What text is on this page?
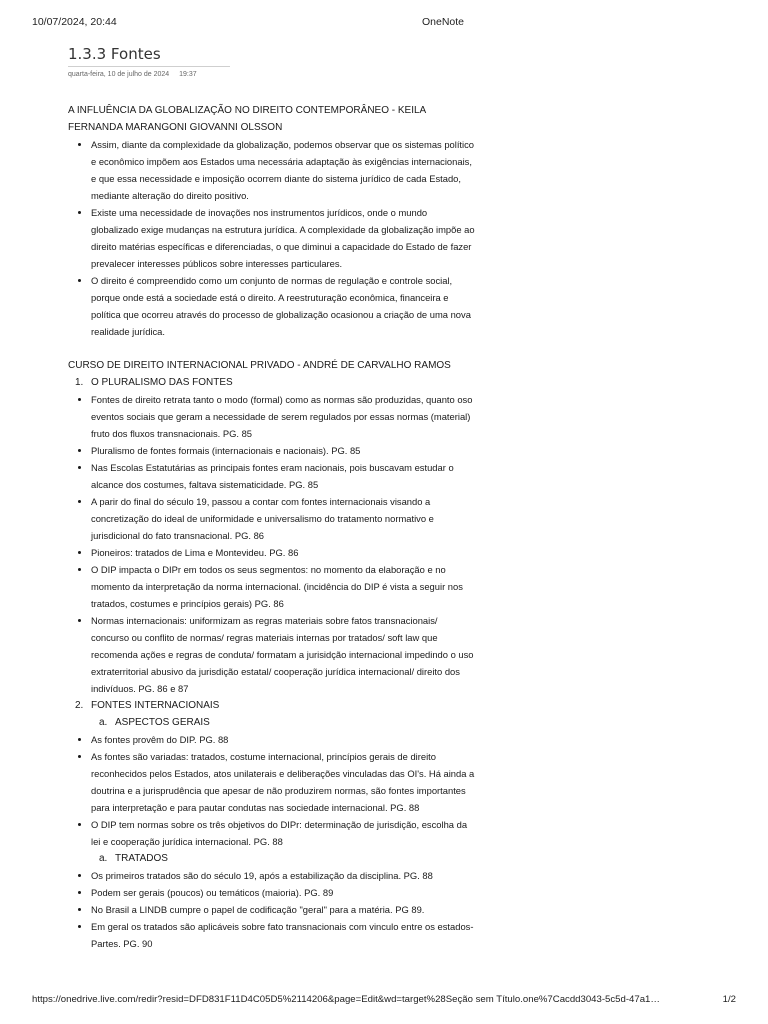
10/07/2024, 20:44	OneNote
1.3.3 Fontes
quarta-feira, 10 de julho de 2024 19:37

A INFLUÊNCIA DA GLOBALIZAÇÃO NO DIREITO CONTEMPORÂNEO - KEILA

FERNANDA MARANGONI GIOVANNI OLSSON

• Assim, diante da complexidade da globalização, podemos observar que os sistemas político e econômico impõem aos Estados uma necessária adaptação às exigências internacionais, e que essa necessidade e imposição ocorrem diante do sistema jurídico de cada Estado, mediante alteração do direito positivo.
• Existe uma necessidade de inovações nos instrumentos jurídicos, onde o mundo globalizado exige mudanças na estrutura jurídica. A complexidade da globalização impõe ao direito matérias específicas e diferenciadas, o que diminui a capacidade do Estado de fazer prevalecer interesses públicos sobre interesses particulares.
• O direito é compreendido como um conjunto de normas de regulação e controle social, porque onde está a sociedade está o direito. A reestruturação econômica, financeira e política que ocorreu através do processo de globalização ocasionou a criação de uma nova realidade jurídica.

CURSO DE DIREITO INTERNACIONAL PRIVADO - ANDRÉ DE CARVALHO RAMOS

1. O PLURALISMO DAS FONTES
• Fontes de direito retrata tanto o modo (formal) como as normas são produzidas, quanto oso eventos sociais que geram a necessidade de serem regulados por essas normas (material) fruto dos fluxos transnacionais. PG. 85
• Pluralismo de fontes formais (internacionais e nacionais). PG. 85
• Nas Escolas Estatutárias as principais fontes eram nacionais, pois buscavam estudar o alcance dos costumes, faltava sistematicidade. PG. 85
• A parir do final do século 19, passou a contar com fontes internacionais visando a concretização do ideal de uniformidade e universalismo do tratamento normativo e jurisdicional do fato transnacional. PG. 86
• Pioneiros: tratados de Lima e Montevideu. PG. 86
• O DIP impacta o DIPr em todos os seus segmentos: no momento da elaboração e no momento da interpretação da norma internacional. (incidência do DIP é vista a seguir nos tratados, costumes e princípios gerais) PG. 86
• Normas internacionais: uniformizam as regras materiais sobre fatos transnacionais/ concurso ou conflito de normas/ regras materiais internas por tratados/ soft law que recomenda ações e regras de conduta/ formatam a jurisidção internacional impedindo o uso extraterritorial abusivo da jurisdição estatal/ cooperação jurídica internacional/ direito dos indivíduos. PG. 86 e 87
2. FONTES INTERNACIONAIS
a. ASPECTOS GERAIS
• As fontes provêm do DIP. PG. 88
• As fontes são variadas: tratados, costume internacional, princípios gerais de direito reconhecidos pelos Estados, atos unilaterais e deliberações vinculadas das OI's. Há ainda a doutrina e a jurisprudência que apesar de não produzirem normas, são fontes importantes para interpretação e para pautar condutas nas sociedade internacional. PG. 88
• O DIP tem normas sobre os três objetivos do DIPr: determinação de jurisdição, escolha da lei e cooperação jurídica internacional. PG. 88
a. TRATADOS
• Os primeiros tratados são do século 19, após a estabilização da disciplina. PG. 88
• Podem ser gerais (poucos) ou temáticos (maioria). PG. 89
• No Brasil a LINDB cumpre o papel de codificação "geral" para a matéria. PG 89.
• Em geral os tratados são aplicáveis sobre fato transnacionais com vinculo entre os estados-Partes. PG. 90
https://onedrive.live.com/redir?resid=DFD831F11D4C05D5%2114206&page=Edit&wd=target%28Seção sem Título.one%7Cacdd3043-5c5d-47a1…	1/2
